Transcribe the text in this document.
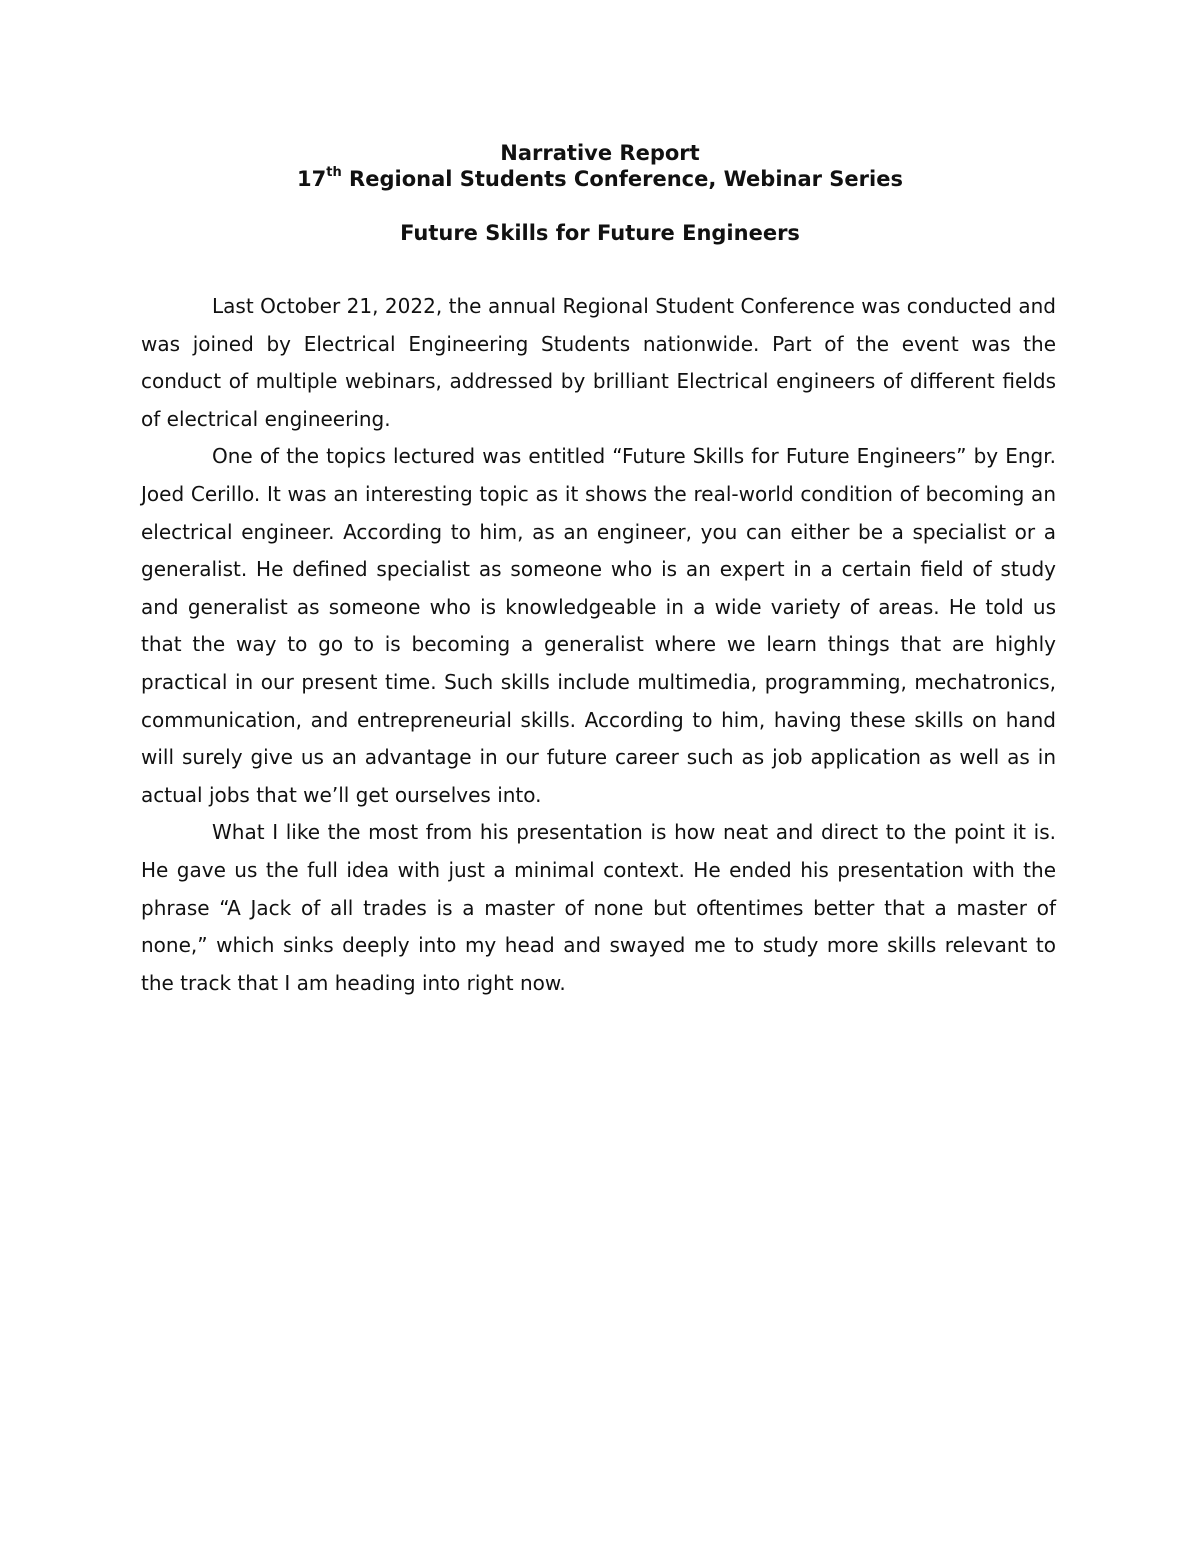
Narrative Report
17th Regional Students Conference, Webinar Series
Future Skills for Future Engineers

Last October 21, 2022, the annual Regional Student Conference was conducted and was joined by Electrical Engineering Students nationwide. Part of the event was the conduct of multiple webinars, addressed by brilliant Electrical engineers of different fields of electrical engineering.

One of the topics lectured was entitled “Future Skills for Future Engineers” by Engr. Joed Cerillo. It was an interesting topic as it shows the real-world condition of becoming an electrical engineer. According to him, as an engineer, you can either be a specialist or a generalist. He defined specialist as someone who is an expert in a certain field of study and generalist as someone who is knowledgeable in a wide variety of areas. He told us that the way to go to is becoming a generalist where we learn things that are highly practical in our present time. Such skills include multimedia, programming, mechatronics, communication, and entrepreneurial skills. According to him, having these skills on hand will surely give us an advantage in our future career such as job application as well as in actual jobs that we’ll get ourselves into.

What I like the most from his presentation is how neat and direct to the point it is. He gave us the full idea with just a minimal context. He ended his presentation with the phrase “A Jack of all trades is a master of none but oftentimes better that a master of none,” which sinks deeply into my head and swayed me to study more skills relevant to the track that I am heading into right now.
